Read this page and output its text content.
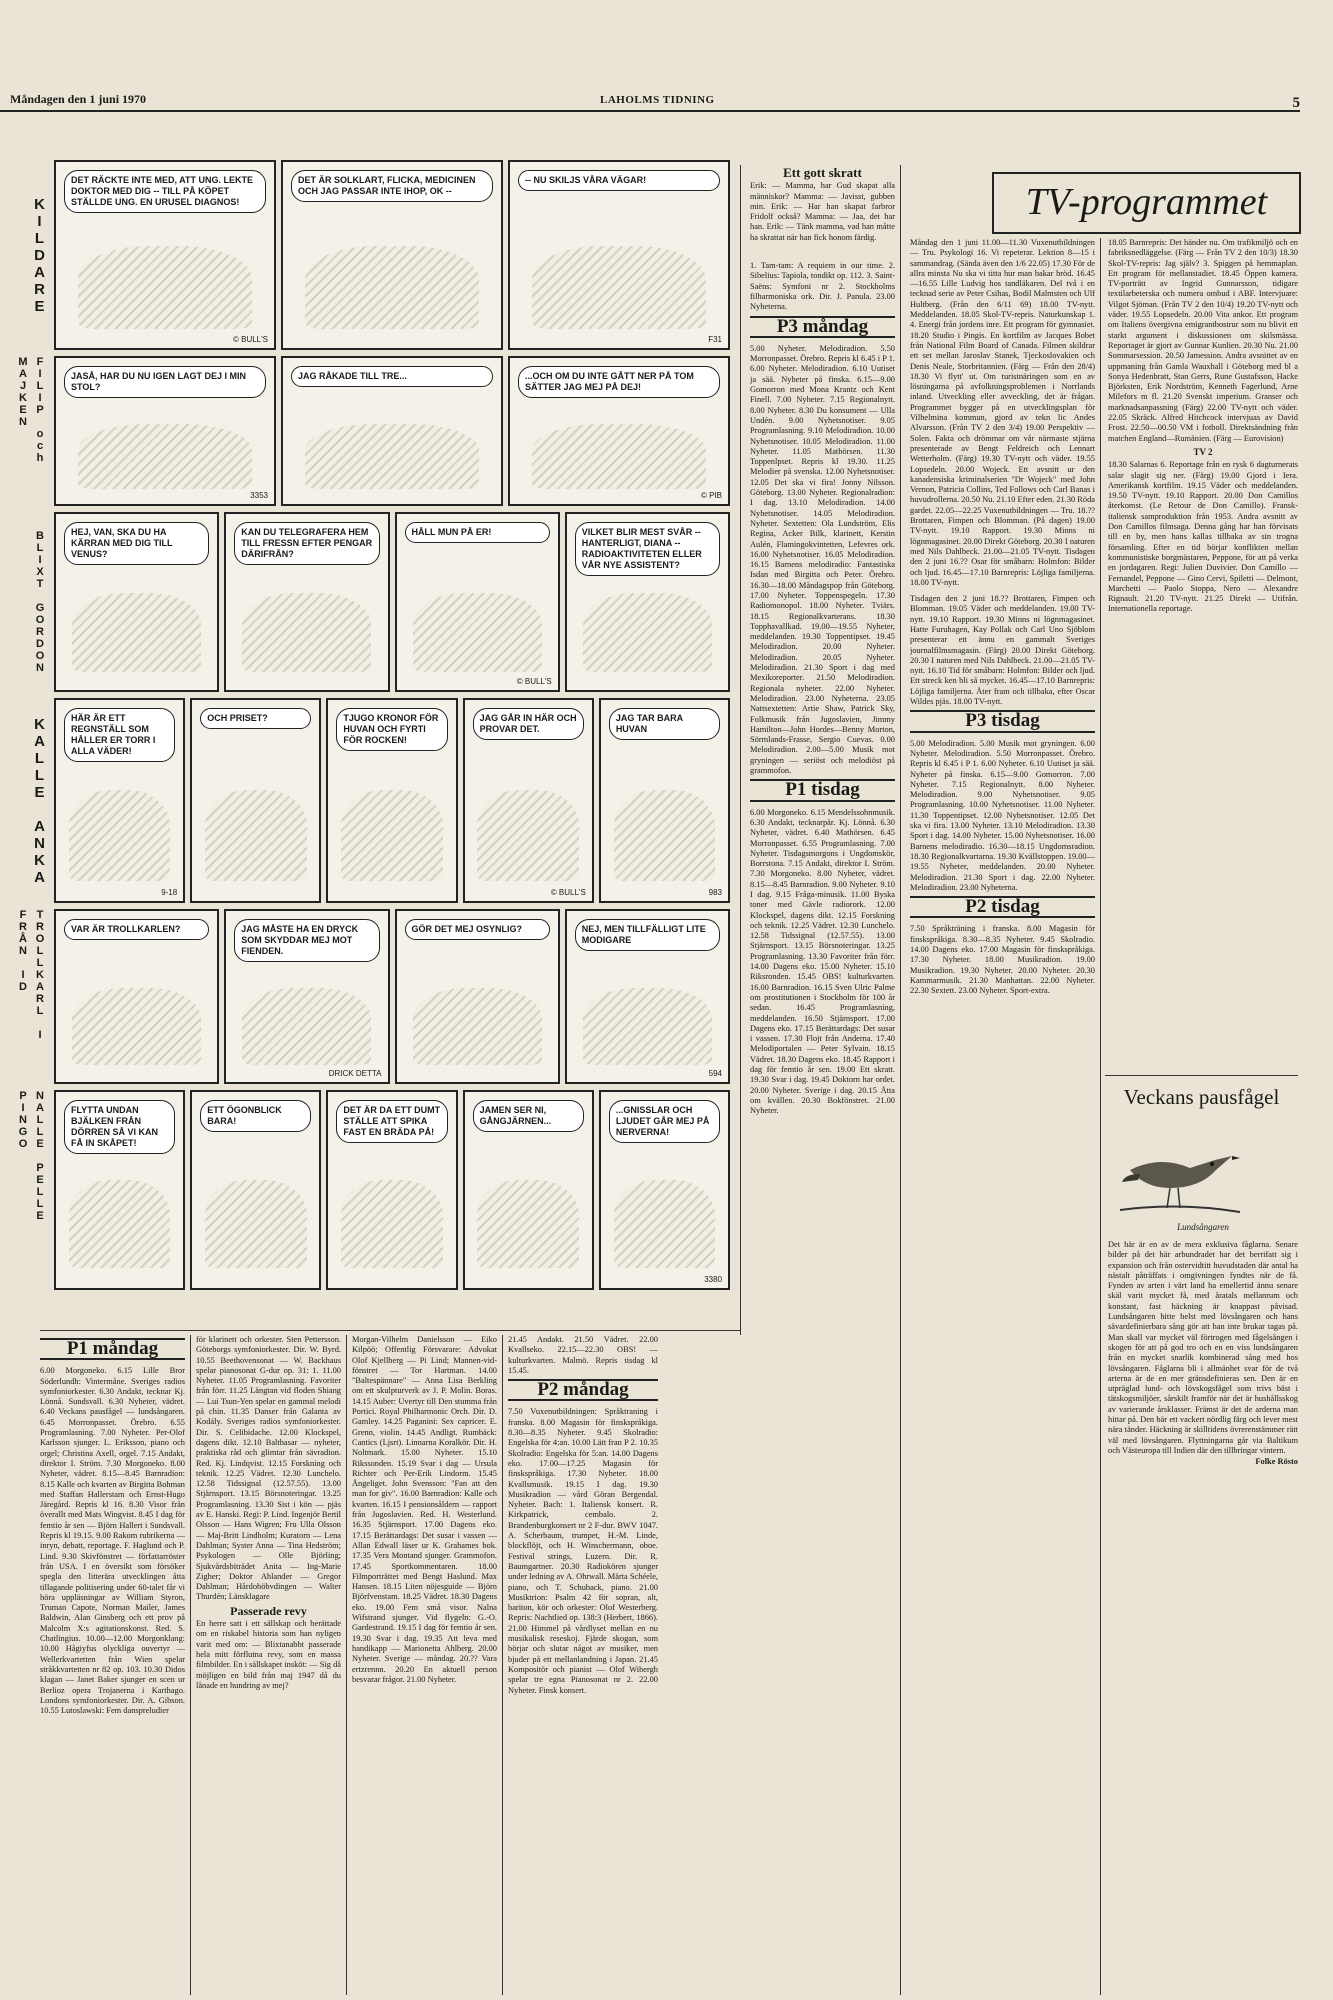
Måndagen den 1 juni 1970	LAHOLMS TIDNING	5
KILDARE
DET RÄCKTE INTE MED, ATT UNG. LEKTE DOKTOR MED DIG -- TILL PÅ KÖPET STÄLLDE UNG. EN URUSEL DIAGNOS!
© BULL'S
DET ÄR SOLKLART, FLICKA, MEDICINEN OCH JAG PASSAR INTE IHOP, OK --
-- NU SKILJS VÅRA VÄGAR!
F31
FILIP och MAJKEN	JASÅ, HAR DU NU IGEN LAGT DEJ I MIN STOL?
3353
JAG RÅKADE TILL TRE...	...OCH OM DU INTE GÅTT NER PÅ TOM SÄTTER JAG MEJ PÅ DEJ!
© PIB
BLIXT GORDON	HEJ, VAN, SKA DU HA KÄRRAN MED DIG TILL VENUS?
KAN DU TELEGRAFERA HEM TILL FRESSN EFTER PENGAR DÄRIFRÅN?
HÅLL MUN PÅ ER!
© BULL'S
VILKET BLIR MEST SVÅR -- HANTERLIGT, DIANA -- RADIOAKTIVITETEN ELLER VÅR NYE ASSISTENT?
KALLE ANKA	HÄR ÄR ETT REGNSTÄLL SOM HÅLLER ER TORR I ALLA VÄDER!
9-18
OCH PRISET?	TJUGO KRONOR FÖR HUVAN OCH FYRTI FÖR ROCKEN!
JAG GÅR IN HÄR OCH PROVAR DET.
© BULL'S
JAG TAR BARA HUVAN
983
TROLLKARL I FRÅN ID	VAR ÄR TROLLKARLEN?	JAG MÅSTE HA EN DRYCK SOM SKYDDAR MEJ MOT FIENDEN.
DRICK DETTA
GÖR DET MEJ OSYNLIG?	NEJ, MEN TILLFÄLLIGT LITE MODIGARE
594
NALLE PELLE PINGO	FLYTTA UNDAN BJÄLKEN FRÅN DÖRREN SÅ VI KAN FÅ IN SKÅPET!
ETT ÖGONBLICK BARA!
DET ÄR DA ETT DUMT STÄLLE ATT SPIKA FAST EN BRÄDA PÅ!
JAMEN SER NI, GÅNGJÄRNEN...
...GNISSLAR OCH LJUDET GÅR MEJ PÅ NERVERNA!
3380
Ett gott skratt

Erik: — Mamma, har Gud skapat alla människor? Mamma: — Javisst, gubben min. Erik: — Har han skapat farbror Fridolf också? Mamma: — Jaa, det har han. Erik: — Tänk mamma, vad han måtte ha skrattat när han fick honom färdig.

1. Tam-tam: A requiem in our time. 2. Sibelius: Tapiola, tondikt op. 112. 3. Saint-Saëns: Symfoni nr 2. Stockholms filharmoniska ork. Dir. J. Panula. 23.00 Nyheterna.

P3 måndag

5.00 Nyheter. Melodiradion. 5.50 Morronpasset. Örebro. Repris kl 6.45 i P 1. 6.00 Nyheter. Melodiradion. 6.10 Uutiset ja sää. Nyheter på finska. 6.15—9.00 Gomorron med Mona Krantz och Kent Finell. 7.00 Nyheter. 7.15 Regionalnytt. 8.00 Nyheter. 8.30 Du konsument — Ulla Undén. 9.00 Nyhetsnotiser. 9.05 Programlasning. 9.10 Melodiradion. 10.00 Nyhetsnotiser. 10.05 Melodiradion. 11.00 Nyheter. 11.05 Mathörsen. 11.30 Toppenlpset. Repris kl 19.30. 11.25 Melodier på svenska. 12.00 Nyhetsnotiser. 12.05 Det ska vi fira! Jonny Nilsson. Göteborg. 13.00 Nyheter. Regionalradion: I dag. 13.10 Melodiradion. 14.00 Nyhetsnotiser. 14.05 Melodiradion. Nyheter. Sextetten: Ola Lundström, Elis Regina, Acker Bilk, klarinett, Kerstin Aulén, Flamingokvintetten, Lefevres ork. 16.00 Nyhetsnotiser. 16.05 Melodiradion. 16.15 Barnens melodiradio: Fantastiska Isdan med Birgitta och Peter. Örebro. 16.30—18.00 Måndagspop från Göteborg. 17.00 Nyheter. Toppenspegeln. 17.30 Radiomonopol. 18.00 Nyheter. Tviärs. 18.15 Regionalkvarterans. 18.30 Topphavallkad. 19.00—19.55 Nyheter, meddelanden. 19.30 Toppentipset. 19.45 Melodiradion. 20.00 Nyheter. Melodiradion. 20.05 Nyheter. Melodiradion. 21.30 Sport i dag med Mexikoreporter. 21.50 Melodiradion. Regionala nyheter. 22.00 Nyheter. Melodiradion. 23.00 Nyheterna. 23.05 Nattsextetten: Artie Shaw, Patrick Sky, Folkmusik från Jugoslavien, Jimmy Hamilton—John Hordes—Benny Morton, Sörmlands-Frasse, Sergio Cuevas. 0.00 Melodiradion. 2.00—5.00 Musik mot gryningen — seriöst och melodiöst på grammofon.

P1 tisdag

6.00 Morgoneko. 6.15 Mendelssohnmusik. 6.30 Andakt, tecknarpär. Kj. Lönnå. 6.30 Nyheter, vädret. 6.40 Mathörsen. 6.45 Morronpasset. 6.55 Programlasning. 7.00 Nyheter. Tisdagsmorgons i Ungdomskör, Borrstona. 7.15 Andakt, direktor I. Ström. 7.30 Morgoneko. 8.00 Nyheter, vädret. 8.15—8.45 Barnradion. 9.00 Nyheter. 9.10 I dag. 9.15 Fråga-minusik. 11.00 Byska toner med Gävle radiorork. 12.00 Klockspel, dagens dikt. 12.15 Forskning och teknik. 12.25 Vädret. 12.30 Lunchelo. 12.58 Tidssignal (12.57.55). 13.00 Stjärnsport. 13.15 Börsnoteringar. 13.25 Programlasning. 13.30 Favoriter från förr. 14.00 Dagens eko. 15.00 Nyheter. 15.10 Riksronden. 15.45 OBS! kulturkvarten. 16.00 Barnradion. 16.15 Sven Ulric Palme om prostitutionen i Stockholm för 100 år sedan. 16.45 Programlasning, meddelanden. 16.50 Stjärnsport. 17.00 Dagens eko. 17.15 Berättardags: Det susar i vassen. 17.30 Flojt från Anderna. 17.40 Melodiportalen — Peter Sylvain. 18.15 Vädret. 18.30 Dagens eko. 18.45 Rapport i dag för femtio år sen. 19.00 Ett skratt. 19.30 Svar i dag. 19.45 Doktorn har ordet. 20.00 Nyheter. Sverige i dag. 20.15 Åtta om kvällen. 20.30 Bokfönstret. 21.00 Nyheter.

TV-programmet

Måndag den 1 juni 11.00—11.30 Vuxenutbildningen — Tru. Psykologi 16. Vi repeterar. Lektion 8—15 i sammandrag. (Sända även den 1/6 22.05) 17.30 För de allra minsta Nu ska vi titta hur man bakar bröd. 16.45—16.55 Lille Ludvig hos tandläkaren. Del två i en tecknad serie av Peter Csihas, Bodil Malmsten och Ulf Hultberg. (Från den 6/11 69) 18.00 TV-nytt. Meddelanden. 18.05 Skol-TV-repris. Naturkunskap 1. 4. Energi från jordens inre. Ett program för gymnasiet. 18.20 Studio i Pingis. En kortfilm av Jacques Bobet från National Film Board of Canada. Filmen skildrar ett set mellan Jaroslav Stanek, Tjeckoslovakien och Denis Neale, Storbritannien. (Färg — Från den 28/4) 18.30 Vi flytt' ut. Om turistnäringen som en av lösningarna på avfolkningsproblemen i Norrlands inland. Utveckling eller avveckling, det är frågan. Programmet bygger på en utvecklingsplan för Vilhelmina kommun, gjord av tekn lic Andes Alvarsson. (Från TV 2 den 3/4) 19.00 Perspektiv — Solen. Fakta och drömmar om vår närmaste stjärna presenterade av Bengt Feldreich och Lennart Wetterholm. (Färg) 19.30 TV-nytt och väder. 19.55 Lopsedeln. 20.00 Wojeck. Ett avsnitt ur den kanadensiska kriminalserien "Dr Wojeck" med John Vernon, Patricia Collins, Ted Follows och Carl Banas i huvudrollerna. 20.50 Nu. 21.10 Efter eden. 21.30 Röda gardet. 22.05—22.25 Vuxenutbildningen — Tru. 18.?? Brottaren, Fimpen och Blomman. (På dagen) 19.00 TV-nytt. 19.10 Rapport. 19.30 Minns ni lögnmagasinet. 20.00 Direkt Göteborg. 20.30 I naturen med Nils Dahlbeck. 21.00—21.05 TV-nytt. Tisdagen den 2 juni 16.?? Osar för småbarn: Holmfon: Bilder och ljud. 16.45—17.10 Barnrepris: Löjliga familjerna. 18.00 TV-nytt.

Tisdagen den 2 juni 18.?? Brottaren, Fimpen och Blomman. 19.05 Väder och meddelanden. 19.00 TV-nytt. 19.10 Rapport. 19.30 Minns ni lögnmagasinet. Hatte Furuhagen, Kay Pollak och Carl Uno Sjöblom presenterar ett ännu en gammalt Sveriges journalfilmsmagasin. (Färg) 20.00 Direkt Göteborg. 20.30 I naturen med Nils Dahlbeck. 21.00—21.05 TV-nytt. 16.10 Tid för småbarn: Holmfon: Bilder och ljud. Ett streck ken bli så mycket. 16.45—17.10 Barnrepris: Löjliga familjerna. Åter fram och tillbaka, efter Oscar Wildes pjäs. 18.00 TV-nytt.

P3 tisdag

5.00 Melodiradion. 5.00 Musik mot gryningen. 6.00 Nyheter. Melodiradion. 5.50 Morronpasset. Örebro. Repris kl 6.45 i P 1. 6.00 Nyheter. 6.10 Uutiset ja sää. Nyheter på finska. 6.15—9.00 Gomorron. 7.00 Nyheter. 7.15 Regionalnytt. 8.00 Nyheter. Melodiradion. 9.00 Nyhetsnotiser. 9.05 Programlasning. 10.00 Nyhetsnotiser. 11.00 Nyheter. 11.30 Toppentipset. 12.00 Nyhetsnotiser. 12.05 Det ska vi fira. 13.00 Nyheter. 13.10 Melodiradion. 13.30 Sport i dag. 14.00 Nyheter. 15.00 Nyhetsnotiser. 16.00 Barnens melodiradio. 16.30—18.15 Ungdomsradion. 18.30 Regionalkvartarna. 19.30 Kvällstoppen. 19.00—19.55 Nyheter, meddelanden. 20.00 Nyheter. Melodiradion. 21.30 Sport i dag. 22.00 Nyheter. Melodiradion. 23.00 Nyheterna.

P2 tisdag

7.50 Språkträning i franska. 8.00 Magasin för finskspråkiga. 8.30—8.35 Nyheter. 9.45 Skolradio. 14.00 Dagens eko. 17.00 Magasin för finskspråkiga. 17.30 Nyheter. 18.00 Musikradion. 19.00 Musikradion. 19.30 Nyheter. 20.00 Nyheter. 20.30 Kammarmusik. 21.30 Manhattan. 22.00 Nyheter. 22.30 Sextett. 23.00 Nyheter. Sport-extra.

18.05 Barnrepris: Det händer nu. Om trafikmiljö och en fabriksnedläggelse. (Färg — Från TV 2 den 10/3) 18.30 Skol-TV-repris: Jag själv? 3. Spiggen på hemmaplan. Ett program för mellanstadiet. 18.45 Öppen kamera. TV-porträtt av Ingrid Gunnarsson, tidigare textilarbeterska och numera ombud i ABF. Intervjuare: Vilgot Sjöman. (Från TV 2 den 10/4) 19.20 TV-nytt och väder. 19.55 Lopsedeln. 20.00 Vita ankor. Ett program om Italiens övergivna emigrantbostrur som nu blivit ett starkt argument i diskussionen om skilsmässa. Reportaget är gjort av Gunnar Kunlien. 20.30 Nu. 21.00 Sommarsession. 20.50 Jamession. Andra avsnittet av en uppmaning från Gamla Wauxhall i Göteborg med bl a Sonya Hedenbratt, Stan Gerrs, Rune Gustafsson, Hacke Björksten, Erik Nordström, Kenneth Fagerlund, Arne Milefors m fl. 21.20 Svenskt imperium. Granser och marknadsanpassning (Färg) 22.00 TV-nytt och väder. 22.05 Skräck. Alfred Hitchcock intervjuas av David Frost. 22.50—00.50 VM i fotboll. Direktsändning från matchen England—Rumänien. (Färg — Eurovision)

TV 2

18.30 Salarnas 6. Reportage från en rysk 6 dagturnerats salar slagit sig ner. (Färg) 19.00 Gjord i Iera. Amerikansk kortfilm. 19.15 Väder och meddelanden. 19.50 TV-nytt. 19.10 Rapport. 20.00 Don Camillos återkomst. (Le Retour de Don Camillo). Fransk-italiensk samproduktion från 1953. Andra avsnitt av Don Camillos filmsaga. Denna gång har han förvisats till en by, men hans kallas tillbaka av sin trogna församling. Efter en tid börjar konflikten mellan kommunistiske borgmästaren, Peppone, för att på verka en jordagaren. Regi: Julien Duvivier. Don Camillo — Fernandel, Peppone — Gino Cervi, Spiletti — Delmont, Marchetti — Paolo Stoppa, Nero — Alexandre Rignault. 21.20 TV-nytt. 21.25 Direkt — Utifrån. Internationella reportage.

Veckans pausfågel
Lundsångaren

Det här är en av de mera exklusiva fåglarna. Senare bilder på det här arbundradet har det berrifatt sig i expansion och från ostervidtitt huvudstaden där antal ha nästalt påträffats i omgivningen fyndtes när de få. Fynden av arten i värt land ha emellertid ännu senare skäl varit mycket få, med åratals mellanrum och konstant, fast häckning är knappast påvisad. Lundsångaren hitte helst med lövsångaren och hans sävardefinierbara sång gör att han inte brukar tagas på. Man skall var mycket väl förtrogen med fågelsången i skogen för att på god tro och en en viss lundsångaren från en mycket snarlik kombinerad sång med hos lövsångaren. Fåglarna bli i allmänhet svar för de två arterna är de en mer gränsdefinieras sen. Den är en utpräglad lund- och lövskogsfågel som trivs bäst i tätskogsmiljöer, sårskilt framför när det är hushållsskog av varierande årsklasser. Främst är det de arderna man hittar på. Den bär ett vackert nördlig färg och lever mest nära tänder. Häckning är skilltidens övrerenstämmer rätt väl med lövsångaren. Flyttningarna går via Baltikum och Västeuropa till Indien där den tillbringar vintern.

Folke Rösto

P1 måndag

6.00 Morgoneko. 6.15 Lille Bror Söderlundh: Vintermåne. Sveriges radios symfoniorkester. 6.30 Andakt, tecknar Kj. Lönnå. Sundsvall. 6.30 Nyheter, vädret. 6.40 Veckans pausfågel — lundsångaren. 6.45 Morronpasset. Örebro. 6.55 Programlasning. 7.00 Nyheter. Per-Olof Karlsson sjunger. L. Eriksson, piano och orgel; Christina Axell, orgel. 7.15 Andakt, direktor I. Ström. 7.30 Morgoneko. 8.00 Nyheter, vädret. 8.15—8.45 Barnradion: 8.15 Kalle och kvarten av Birgitta Bohman med Staffan Hallerstam och Ernst-Hugo Järegård. Repris kl 16. 8.30 Visor från överallt med Mats Wingvist. 8.45 I dag för femtio år sen — Björn Hallert i Sundsvall. Repris kl 19.15. 9.00 Rakom rubrikerna — inryn, debatt, reportage. F. Haglund och P. Lind. 9.30 Skivfönstret — författarröster från USA. I en översikt som försöker spegla den litterära utvecklingen åtta tillagande politisering under 60-talet får vi höra uppläsningar av William Styron, Truman Capote, Norman Mailer, James Baldwin, Alan Ginsberg och ett prov på Malcolm X:s agitationskonst. Red. S. Chatlingius. 10.00—12.00 Morgonklang: 10.00 Hågiyfus olyckliga ouvertyr — Wellerkvartetten från Wien spelar stråkkvartetten nr 82 op. 103. 10.30 Didos klagan — Janet Baker sjunger en scen ur Berlioz opera Trojanerna i Karthago. Londons symfoniorkester. Dir. A. Gibson. 10.55 Lutoslawski: Fem danspreludier

för klarinett och orkester. Sten Pettersson. Göteborgs symfoniorkester. Dir. W. Byrd. 10.55 Beethovensonat — W. Backhaus spelar pianosonat G-dur op. 31: 1. 11.00 Nyheter. 11.05 Programlasning. Favoriter från förr. 11.25 Längtan vid floden Shiang — Lui Tsun-Yen spelar en gammal melodi på chin. 11.35 Danser från Galanta av Kodály. Sveriges radios symfoniorkester. Dir. S. Celibidache. 12.00 Klockspel, dagens dikt. 12.10 Balthasar — nyheter, praktiska råd och glimtar från sävradion. Red. Kj. Lindqvist. 12.15 Forskning och teknik. 12.25 Vädret. 12.30 Lunchelo. 12.58 Tidssignal (12.57.55). 13.00 Stjärnsport. 13.15 Börsnoteringar. 13.25 Programlasning. 13.30 Sist i kön — pjäs av E. Hanski. Regi: P. Lind. Ingenjör Bertil Olsson — Hans Wigren; Fru Ulla Olsson — Maj-Britt Lindholm; Kuratorn — Lena Dahlman; Syster Anna — Tina Hedström; Psykologen — Olle Björling; Sjukvårdsbiträdet Anita — Ing-Marie Zigher; Doktor Ahlander — Gregor Dahlman; Hårdohöbvdingen — Walter Thurdén; Länsklagare

Passerade revy

En herre satt i ett sällskap och berättade om en riskabel historia som han nyligen varit med om: — Blixtanabbt passerade hela mitt förflutna revy, som en massa filmbilder. En i sällskapet insköt: — Sig då möjligen en bild från maj 1947 då du lånade en hundring av mej?

Morgan-Vilhelm Danielsson — Eiko Kilpöö; Offentlig Försvarare: Advokat Olof Kjellberg — Pi Lind; Mannen-vid-fönstret — Tor Hartman. 14.00 "Baltespännare" — Anna Lisa Berkling om ett skulpturverk av J. P. Molin. Boras. 14.15 Auber: Uvertyr till Den stumma från Portici. Royal Philharmonic Orch. Dir. D. Gamley. 14.25 Paganini: Sex capricer. E. Grenn, violin. 14.45 Andligt. Rumbäck: Cantics (Ljsrt). Linnarna Koralkör. Dir. H. Noltmark. 15.00 Nyheter. 15.10 Rikssonden. 15.19 Svar i dag — Ursula Richter och Per-Erik Lindorm. 15.45 Ångeliget. John Svensson: "Fan att den man for giv". 16.00 Barnradion: Kalle och kvarten. 16.15 I pensionsåldern — rapport från Jugoslavien. Red. H. Westerlund. 16.35 Stjärnsport. 17.00 Dagens eko. 17.15 Berättardags: Det susar i vassen — Allan Edwall läser ur K. Grahames bok. 17.35 Vera Montand sjunger. Grammofon. 17.45 Sportkommentaren. 18.00 Filmporträttet med Bengt Haslund. Max Hansen. 18.15 Liten nöjesguide — Björn Björfvenstam. 18.25 Vädret. 18.30 Dagens eko. 19.00 Fem små visor. Nalna Wifstrand sjunger. Vid flygeln: G.-O. Gardestrand. 19.15 I dag för femtio år sen. 19.30 Svar i dag. 19.35 Att leva med handikapp — Marionetta Ahlberg. 20.00 Nyheter. Sverige — måndag. 20.?? Vara ertzrennn. 20.20 En aktuell person besvarar frågor. 21.00 Nyheter.

21.45 Andakt. 21.50 Vädret. 22.00 Kvallseko. 22.15—22.30 OBS! — kulturkvarten. Malmö. Repris tisdag kl 15.45.

P2 måndag

7.50 Vuxenutbildningen: Språktraning i franska. 8.00 Magasin för finskspråkiga. 8.30—8.35 Nyheter. 9.45 Skolradio: Engelska för 4:an. 10.00 Lätt fran P 2. 10.35 Skolradio: Engelska för 5:an. 14.00 Dagens eko. 17.00—17.25 Magasin för finskspråkiga. 17.30 Nyheter. 18.00 Kvallsmusik. 19.15 I dag. 19.30 Musikradion — vård Göran Bergendal. Nyheter. Bach: 1. Italiensk konsert. R. Kirkpatrick, cembalo. 2. Brandenburgkonsert nr 2 F-dur. BWV 1047. A. Scherbaum, trumpet, H.-M. Linde, blockflöjt, och H. Winschermann, oboe. Festival strings, Luzern. Dir. R. Baumgartner. 20.30 Radiokören sjunger under ledning av A. Ohrwall. Märta Schéele, piano, och T. Schuback, piano. 21.00 Musiktrion: Psalm 42 för sopran, alt, bariton, kör och orkester: Olof Westerberg. Repris: Nachtlied op. 138:3 (Herbert, 1866). 21.00 Himmel på vårdlyset mellan en nu musikalisk reseskoj. Fjärde skogan, som börjar och slutar något av musiker, men bjuder på ett mellanlandning i Japan. 21.45 Kompositör och pianist — Olof Wibergh spelar tre egna Pianosonat nr 2. 22.00 Nyheter. Finsk konsert.
